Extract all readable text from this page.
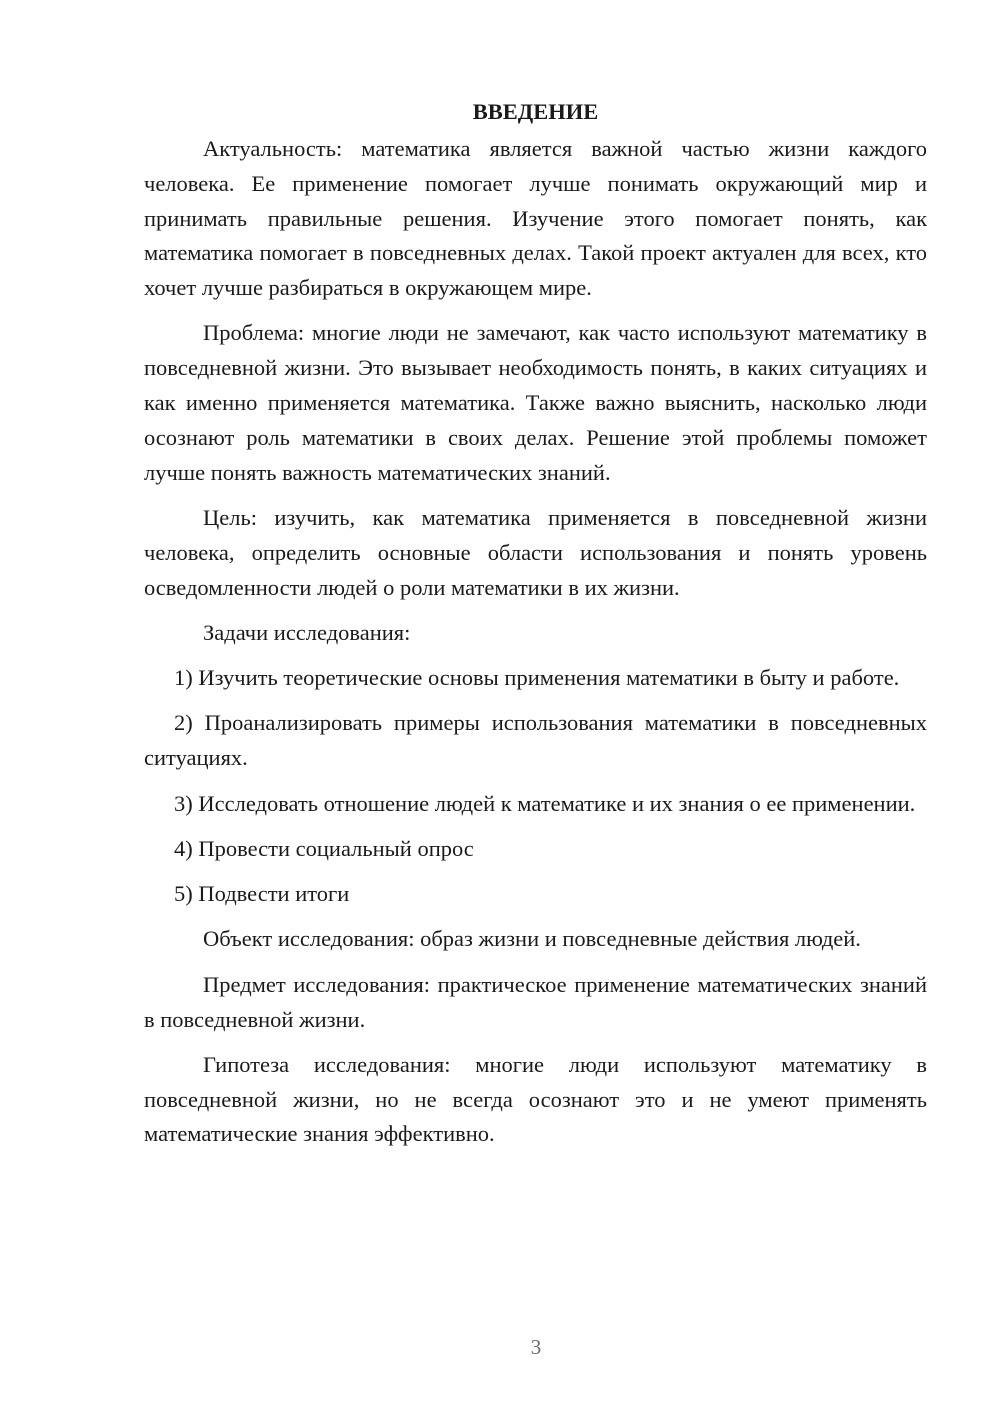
ВВЕДЕНИЕ

Актуальность: математика является важной частью жизни каждого человека. Ее применение помогает лучше понимать окружающий мир и принимать правильные решения. Изучение этого помогает понять, как математика помогает в повседневных делах. Такой проект актуален для всех, кто хочет лучше разбираться в окружающем мире.

Проблема: многие люди не замечают, как часто используют математику в повседневной жизни. Это вызывает необходимость понять, в каких ситуациях и как именно применяется математика. Также важно выяснить, насколько люди осознают роль математики в своих делах. Решение этой проблемы поможет лучше понять важность математических знаний.

Цель: изучить, как математика применяется в повседневной жизни человека, определить основные области использования и понять уровень осведомленности людей о роли математики в их жизни.

Задачи исследования:

1) Изучить теоретические основы применения математики в быту и работе.

2) Проанализировать примеры использования математики в повседневных ситуациях.

3) Исследовать отношение людей к математике и их знания о ее применении.

4) Провести социальный опрос

5) Подвести итоги

Объект исследования: образ жизни и повседневные действия людей.

Предмет исследования: практическое применение математических знаний в повседневной жизни.

Гипотеза исследования: многие люди используют математику в повседневной жизни, но не всегда осознают это и не умеют применять математические знания эффективно.

3
